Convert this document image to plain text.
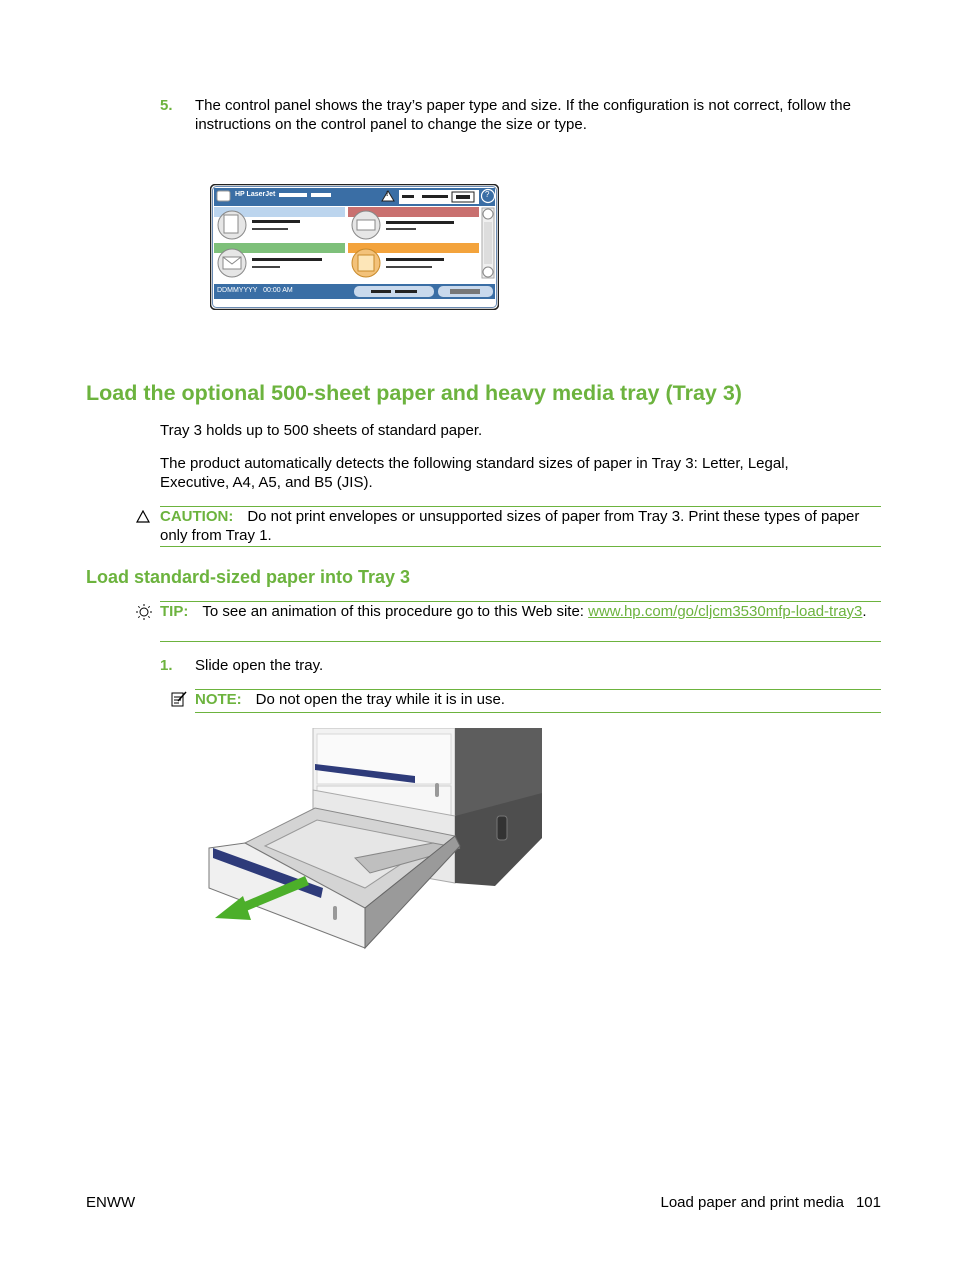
5. The control panel shows the tray’s paper type and size. If the configuration is not correct, follow the instructions on the control panel to change the size or type.
HP LaserJet	?
!
DDMMYYYY   00:00 AM
Load the optional 500-sheet paper and heavy media tray (Tray 3)
Tray 3 holds up to 500 sheets of standard paper.
The product automatically detects the following standard sizes of paper in Tray 3: Letter, Legal, Executive, A4, A5, and B5 (JIS).
CAUTION: Do not print envelopes or unsupported sizes of paper from Tray 3. Print these types of paper only from Tray 1.
Load standard-sized paper into Tray 3
TIP: To see an animation of this procedure go to this Web site: www.hp.com/go/cljcm3530mfp-load-tray3.
1. Slide open the tray.
NOTE: Do not open the tray while it is in use.
ENWW	Load paper and print media 101
